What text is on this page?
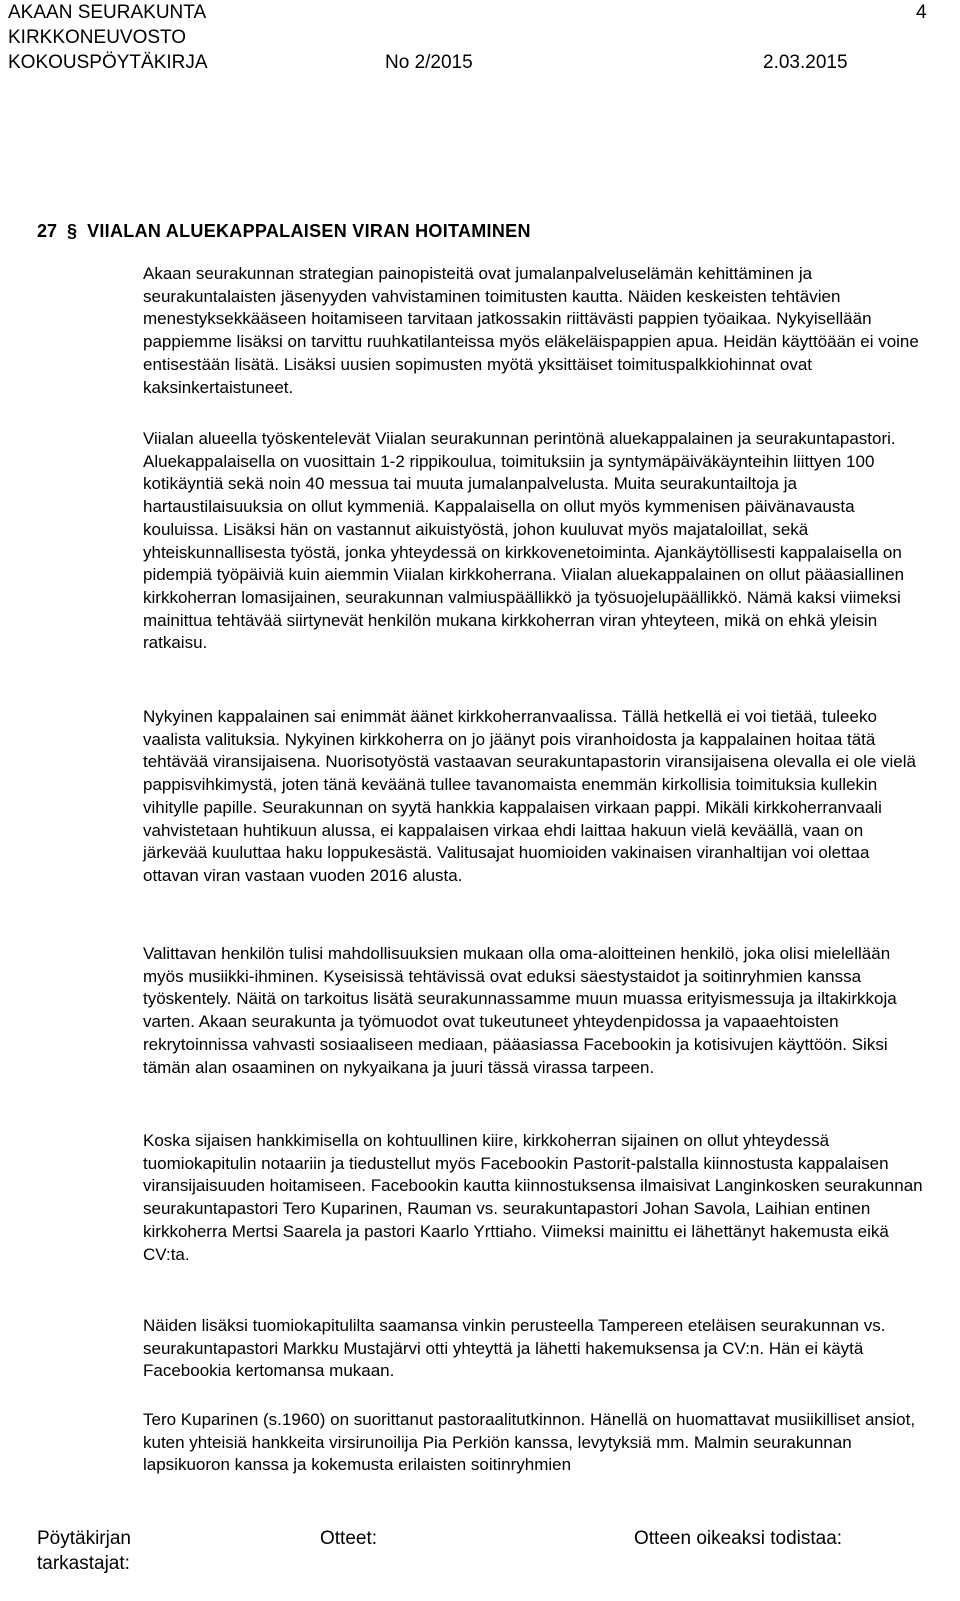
AKAAN SEURAKUNTA
KIRKKONEUVOSTO
KOKOUSPÖYTÄKIRJA	No 2/2015	2.03.2015
4
27  §  VIIALAN ALUEKAPPALAISEN VIRAN HOITAMINEN

Akaan seurakunnan strategian painopisteitä ovat jumalanpalveluselämän kehittäminen ja seurakuntalaisten jäsenyyden vahvistaminen toimitusten kautta. Näiden keskeisten tehtävien menestyksekkääseen hoitamiseen tarvitaan jatkossakin riittävästi pappien työaikaa. Nykyisellään pappiemme lisäksi on tarvittu ruuhkatilanteissa myös eläkeläispappien apua. Heidän käyttöään ei voine entisestään lisätä. Lisäksi uusien sopimusten myötä yksittäiset toimituspalkkiohinnat ovat kaksinkertaistuneet.

Viialan alueella työskentelevät Viialan seurakunnan perintönä aluekappalainen ja seurakuntapastori. Aluekappalaisella on vuosittain 1-2 rippikoulua, toimituksiin ja syntymäpäiväkäynteihin liittyen 100 kotikäyntiä sekä noin 40 messua tai muuta jumalanpalvelusta. Muita seurakuntailtoja ja hartaustilaisuuksia on ollut kymmeniä. Kappalaisella on ollut myös kymmenisen päivänavausta kouluissa. Lisäksi hän on vastannut aikuistyöstä, johon kuuluvat myös majataloillat, sekä yhteiskunnallisesta työstä, jonka yhteydessä on kirkkovenetoiminta. Ajankäytöllisesti kappalaisella on pidempiä työpäiviä kuin aiemmin Viialan kirkkoherrana. Viialan aluekappalainen on ollut pääasiallinen kirkkoherran lomasijainen, seurakunnan valmiuspäällikkö ja työsuojelupäällikkö. Nämä kaksi viimeksi mainittua tehtävää siirtynevät henkilön mukana kirkkoherran viran yhteyteen, mikä on ehkä yleisin ratkaisu.

Nykyinen kappalainen sai enimmät äänet kirkkoherranvaalissa. Tällä hetkellä ei voi tietää, tuleeko vaalista valituksia. Nykyinen kirkkoherra on jo jäänyt pois viranhoidosta ja kappalainen hoitaa tätä tehtävää viransijaisena. Nuorisotyöstä vastaavan seurakuntapastorin viransijaisena olevalla ei ole vielä pappisvihkimystä, joten tänä keväänä tullee tavanomaista enemmän kirkollisia toimituksia kullekin vihitylle papille. Seurakunnan on syytä hankkia kappalaisen virkaan pappi. Mikäli kirkkoherranvaali vahvistetaan huhtikuun alussa, ei kappalaisen virkaa ehdi laittaa hakuun vielä keväällä, vaan on järkevää kuuluttaa haku loppukesästä. Valitusajat huomioiden vakinaisen viranhaltijan voi olettaa ottavan viran vastaan vuoden 2016 alusta.

Valittavan henkilön tulisi mahdollisuuksien mukaan olla oma-aloitteinen henkilö, joka olisi mielellään myös musiikki-ihminen. Kyseisissä tehtävissä ovat eduksi säestystaidot ja soitinryhmien kanssa työskentely. Näitä on tarkoitus lisätä seurakunnassamme muun muassa erityismessuja ja iltakirkkoja varten. Akaan seurakunta ja työmuodot ovat tukeutuneet yhteydenpidossa ja vapaaehtoisten rekrytoinnissa vahvasti sosiaaliseen mediaan, pääasiassa Facebookin ja kotisivujen käyttöön. Siksi tämän alan osaaminen on nykyaikana ja juuri tässä virassa tarpeen.

Koska sijaisen hankkimisella on kohtuullinen kiire, kirkkoherran sijainen on ollut yhteydessä tuomiokapitulin notaariin ja tiedustellut myös Facebookin Pastorit-palstalla kiinnostusta kappalaisen viransijaisuuden hoitamiseen. Facebookin kautta kiinnostuksensa ilmaisivat Langinkosken seurakunnan seurakuntapastori Tero Kuparinen, Rauman vs. seurakuntapastori Johan Savola, Laihian entinen kirkkoherra Mertsi Saarela ja pastori Kaarlo Yrttiaho. Viimeksi mainittu ei lähettänyt hakemusta eikä CV:ta.

Näiden lisäksi tuomiokapitulilta saamansa vinkin perusteella Tampereen eteläisen seurakunnan vs. seurakuntapastori Markku Mustajärvi otti yhteyttä ja lähetti hakemuksensa ja CV:n. Hän ei käytä Facebookia kertomansa mukaan.

Tero Kuparinen (s.1960) on suorittanut pastoraalitutkinnon. Hänellä on huomattavat musiikilliset ansiot, kuten yhteisiä hankkeita virsirunoilija Pia Perkiön kanssa, levytyksiä mm. Malmin seurakunnan lapsikuoron kanssa ja kokemusta erilaisten soitinryhmien

Pöytäkirjan tarkastajat:
Otteet:	Otteen oikeaksi todistaa:
